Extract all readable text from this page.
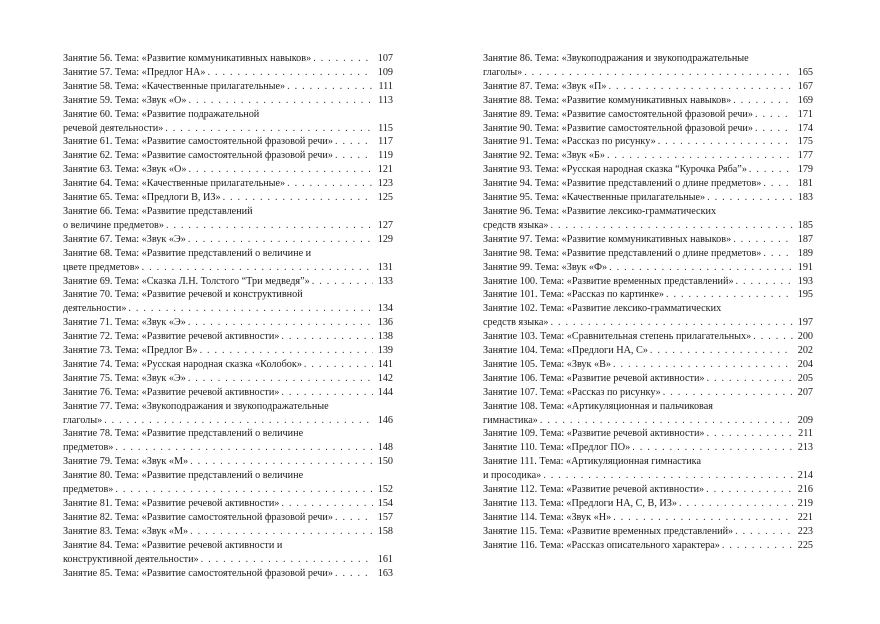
Занятие 56. Тема: «Развитие коммуникативных навыков» . . .	107
Занятие 57. Тема: «Предлог НА» . . .	109
Занятие 58. Тема: «Качественные прилагательные» . . .	111
Занятие 59. Тема: «Звук «О» . . .	113
Занятие 60. Тема: «Развитие подражательной
речевой деятельности» . . .	115
Занятие 61. Тема: «Развитие самостоятельной фразовой речи» . . .	117
Занятие 62. Тема: «Развитие самостоятельной фразовой речи» . . .	119
Занятие 63. Тема: «Звук «О» . . .	121
Занятие 64. Тема: «Качественные прилагательные» . . .	123
Занятие 65. Тема: «Предлоги В, ИЗ» . . .	125
Занятие 66. Тема: «Развитие представлений
о величине предметов» . . .	127
Занятие 67. Тема: «Звук «Э» . . .	129
Занятие 68. Тема: «Развитие представлений о величине и
цвете предметов» . . .	131
Занятие 69. Тема: «Сказка Л.Н. Толстого “Три медведя”» . . .	133
Занятие 70. Тема: «Развитие речевой и конструктивной
деятельности» . . .	134
Занятие 71. Тема: «Звук «Э» . . .	136
Занятие 72. Тема: «Развитие речевой активности» . . .	138
Занятие 73. Тема: «Предлог В» . . .	139
Занятие 74. Тема: «Русская народная сказка «Колобок» . . .	141
Занятие 75. Тема: «Звук «Э» . . .	142
Занятие 76. Тема: «Развитие речевой активности» . . .	144
Занятие 77. Тема: «Звукоподражания и звукоподражательные
глаголы» . . .	146
Занятие 78. Тема: «Развитие представлений о величине
предметов» . . .	148
Занятие 79. Тема: «Звук «М» . . .	150
Занятие 80. Тема: «Развитие представлений о величине
предметов» . . .	152
Занятие 81. Тема: «Развитие речевой активности» . . .	154
Занятие 82. Тема: «Развитие самостоятельной фразовой речи» . . .	157
Занятие 83. Тема: «Звук «М» . . .	158
Занятие 84. Тема: «Развитие речевой активности и
конструктивной деятельности» . . .	161
Занятие 85. Тема: «Развитие самостоятельной фразовой речи» . . .	163
Занятие 86. Тема: «Звукоподражания и звукоподражательные
глаголы» . . .	165
Занятие 87. Тема: «Звук «П» . . .	167
Занятие 88. Тема: «Развитие коммуникативных навыков» . . .	169
Занятие 89. Тема: «Развитие самостоятельной фразовой речи» . . .	171
Занятие 90. Тема: «Развитие самостоятельной фразовой речи» . . .	174
Занятие 91. Тема: «Рассказ по рисунку» . . .	175
Занятие 92. Тема: «Звук «Б» . . .	177
Занятие 93. Тема: «Русская народная сказка “Курочка Ряба”» . . .	179
Занятие 94. Тема: «Развитие представлений о длине предметов» . . .	181
Занятие 95. Тема: «Качественные прилагательные» . . .	183
Занятие 96. Тема: «Развитие лексико-грамматических
средств языка» . . .	185
Занятие 97. Тема: «Развитие коммуникативных навыков» . . .	187
Занятие 98. Тема: «Развитие представлений о длине предметов» . . .	189
Занятие 99. Тема: «Звук «Ф» . . .	191
Занятие 100. Тема: «Развитие временных представлений» . . .	193
Занятие 101. Тема: «Рассказ по картинке» . . .	195
Занятие 102. Тема: «Развитие лексико-грамматических
средств языка» . . .	197
Занятие 103. Тема: «Сравнительная степень прилагательных» . . .	200
Занятие 104. Тема: «Предлоги НА, С» . . .	202
Занятие 105. Тема: «Звук «В» . . .	204
Занятие 106. Тема: «Развитие речевой активности» . . .	205
Занятие 107. Тема: «Рассказ по рисунку» . . .	207
Занятие 108. Тема: «Артикуляционная и пальчиковая
гимнастика» . . .	209
Занятие 109. Тема: «Развитие речевой активности» . . .	211
Занятие 110. Тема: «Предлог ПО» . . .	213
Занятие 111. Тема: «Артикуляционная гимнастика
и просодика» . . .	214
Занятие 112. Тема: «Развитие речевой активности» . . .	216
Занятие 113. Тема: «Предлоги НА, С, В, ИЗ» . . .	219
Занятие 114. Тема: «Звук «Н» . . .	221
Занятие 115. Тема: «Развитие временных представлений» . . .	223
Занятие 116. Тема: «Рассказ описательного характера» . . .	225
